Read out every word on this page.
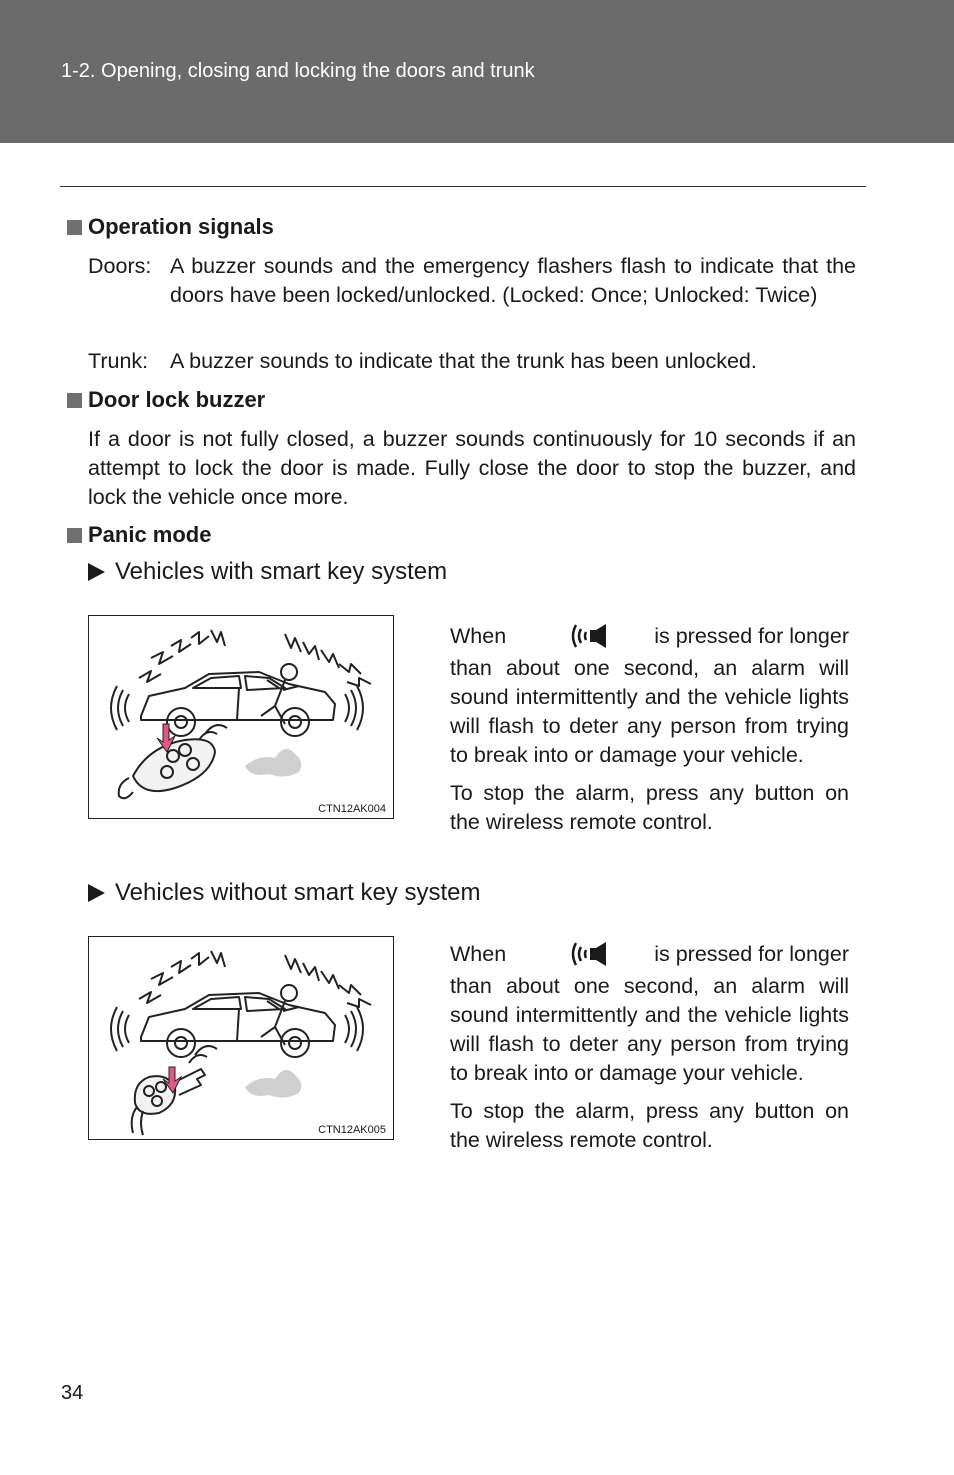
1-2. Opening, closing and locking the doors and trunk
Operation signals
Doors: A buzzer sounds and the emergency flashers flash to indicate that the doors have been locked/unlocked. (Locked: Once; Unlocked: Twice)
Trunk: A buzzer sounds to indicate that the trunk has been unlocked.
Door lock buzzer
If a door is not fully closed, a buzzer sounds continuously for 10 seconds if an attempt to lock the door is made. Fully close the door to stop the buzzer, and lock the vehicle once more.
Panic mode
Vehicles with smart key system
CTN12AK004
When	is pressed for longer
than about one second, an alarm will sound intermittently and the vehicle lights will flash to deter any person from trying to break into or damage your vehicle.
To stop the alarm, press any button on the wireless remote control.
Vehicles without smart key system
CTN12AK005
When	is pressed for longer
than about one second, an alarm will sound intermittently and the vehicle lights will flash to deter any person from trying to break into or damage your vehicle.
To stop the alarm, press any button on the wireless remote control.
34
